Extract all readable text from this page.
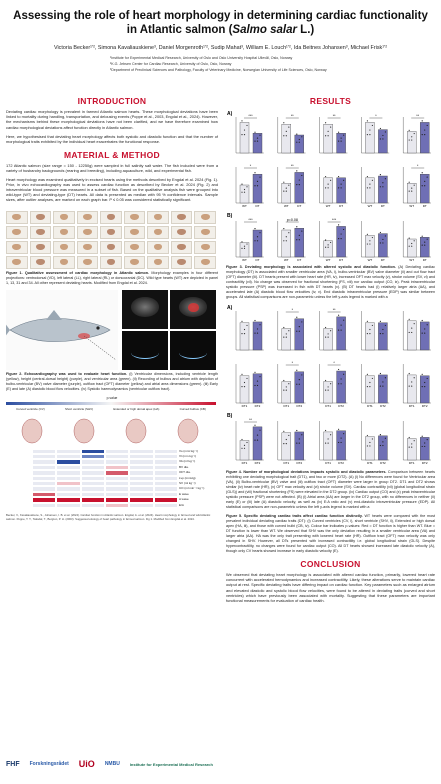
Assessing the role of heart morphology in determining cardiac functionality
in Atlantic salmon (Salmo salar L.)
Victoria Becker¹ʼ², Simona Kavaliauskiene³, Daniel Morgenroth¹ʼ², Sudip Mahat³, William E. Louch¹ʼ², Ida Beitnes Johansen³, Michael Frisk¹ʼ²
¹Institute for Experimental Medical Research, University of Oslo and Oslo University Hospital Ullevål, Oslo, Norway
²K.G. Jebsen Center for Cardiac Research, University of Oslo, Oslo, Norway
³Department of Preclinical Sciences and Pathology, Faculty of Veterinary Medicine, Norwegian University of Life Sciences, Oslo, Norway
INTRODUCTION
Deviating cardiac morphology is prevalent in farmed Atlantic salmon hearts. These morphological deviations have been linked to mortality during handling, transportation, and delousing events (Poppe et al., 2003, Engdal et al., 2024). However, the mechanisms behind these morphological deviations have not been clarified, and we have therefore examined how cardiac morphological deviations affect function directly in Atlantic salmon.
Here, we hypothesised that deviating heart morphology affects both systolic and diastolic function and that the number of morphological traits exhibited by the individual heart exacerbates the functional response.
MATERIAL & METHOD
172 Atlantic salmon (size range = 150 - 12250g) were sampled in full salinity salt water. The fish included were from a variety of husbandry backgrounds (rearing and breeding), including aquaculture, wild, and experimental fish.
Heart morphology was examined qualitatively in excised hearts using the methods described by Engdal et al. 2024 (Fig. 1). Prior, in vivo echocardiography was used to assess cardiac function as described by Becker et al. 2024 (Fig. 2) and intraventricular blood pressure was measured in a subset of fish. Based on the qualitative analysis fish were grouped into wild-type (WT) and deviating-type (DT) hearts. All data is presented as median with 95 % confidence intervals. Sample sizes, after outlier analyses, are marked on each graph bar. P ≤ 0.05 was considered statistically significant.
Figure 1. Qualitative assessment of cardiac morphology in Atlantic salmon. Morphology examples in four different projections: ventrodorsal (VD), left lateral (LL), right lateral (RL) or dorsocranial (DC). Wild type hearts (WT) are depicted in panel 1, 13, 31 and 34. All other represent deviating hearts. Modified from Engdal et al. 2024.
Figure 2. Echocardiography was used to evaluate heart function. (i) Ventricular dimensions, including ventricle length (yellow), height (central-dorsal height) (purple), and ventricular area (green). (ii) Recording of bulbus and atrium with depiction of bulbo-ventricular (BV) valve diameter (purple), outflow tract (OFT) diameter (yellow) and atrial area dimensions (green). (iii) Early (E) and late (A) diastolic blood flow velocities. (iv) Systolic haemodynamics (ventricular outflow tract).
p-value
Curved ventricle (CV)	Short ventricle (SHV)	Extended or high dorsal apex (HA)	Curved bulbus (CB)
Vo (mm² kg⁻¹)
Vl (mm kg⁻¹)
VA (ml kg⁻¹)
BV dia.
OFT dia.
Lvp (mmHg)
SV (ml kg⁻¹)
CO (ml min⁻¹ kg⁻¹)
E wave
A wave
E/A
Becker, V., Kavaliauskiene, S., Johansen, I. B. et al. (2024). Cardiac function in Atlantic salmon. Engdal, A. et al. (2024). Heart morphology in farmed and wild Atlantic salmon. Poppe, T. T., Taksdal, T., Bergtun, P. H. (2003). Suggested etiology of heart pathology in farmed salmon. Fig 1. Modified from Engdal et al. 2024.
FHF Forskningsrådet UiO NMBU	Institute for Experimental Medical Research
RESULTS
A)
B)
***	**	**	*	**
*
WT	DT
**
WT	DT	WT	DT	WT	DT
*
WT	DT
***
WT	DT
p=0.08
WT	DT
***
WT	DT	WT	DT	WT	DT
Figure 3. Deviating morphology is associated with altered systolic and diastolic function. (A) Deviating cardiac morphology (DT) is associated with smaller ventricular area (VA, i), bulbo-ventricular (BV) valve diameter (ii) and out flow tract (OFT) diameter (iii). DT hearts present with lower heart rate (HR, iv), increased OFT max velocity (v), stroke volume (SV, vi) and contractility (vii). No change was observed for fractional shortening (FS, viii) nor cardiac output (CO, ix). Peak intraventricular systolic pressure (PSP) was increased in fish with DT hearts (x). (B) DT hearts had (i) relatively larger atria (AA), and accelerated late (A) diastolic blood flow velocities (iv, v). End diastolic intraventricular pressure (EDP) was similar between groups. All statistical comparisons are non-parametric unless the left y-axis legend is marked with a
A)
B)
*	**
DT1 DT2
*
DT1 DT2
*
DT1 DT2	DT1 DT2	DT1 DT2
**
DT1 DT2	DT1 DT2	DT1 DT2	DT1 DT2	DT1 DT2
Figure 4. Number of morphological deviations impacts systolic and diastolic parameters. Comparison between hearts exhibiting one deviating morphological trait (DT1), and two or more (DT2). (A) (i) No differences were found for Ventricular area (VA), (ii) Bulbo-ventricular (BV) valve and (iii) outflow tract (OFT) diameter were larger in group DT2. DT1 and DT2 shows similar (iv) heart rate (HR), (v) OFT max velocity and (vi) stroke volume (SV). Cardiac contractility (vii) (global longitudinal strain (GLS)) and (viii) fractional shortening (FS) were elevated in the DT2 group. (ix) Cardiac output (CO) and (x) peak intraventricular systolic pressure (PSP) were not affected. (B) (i) Atrial area (AA) are larger in the DT2 group, with no differences in neither (ii) early (E) or (iii) late (A) diastolic velocity, as well as (iv) E:A ratio and (v) end-diastolic intraventricular pressure (EDP). All statistical comparisons are non-parametric unless the left y-axis legend is marked with a
Figure 5. Specific deviating cardiac traits affect cardiac function distinctly. WT hearts were compared with the most prevalent individual deviating cardiac traits (DT): (i) Curved ventricles (CV, i), short ventricle (SHV, ii), Extended or high dorsal apex (HA, iii), and those with curved bulbi (CB, iv). Colour bar indicates p-values: Red = DT function is higher than WT. Blue = DT function is lower than WT. We observed that SHV was the only deviation resulting in a smaller ventricular area (VA) and larger atria (AA). HA was the only trait presenting with lowered heart rate (HR). Outflow tract (OFT) max velocity was only changed in SHV. However, all DTs presented with increased contractility i.e. global longitudinal strain (GLS). Despite hypercontractility, no changes were found for cardiac output (CO). All DT hearts showed increased late diastolic velocity (A), though only CV hearts showed increase in early diastolic velocity (E).
CONCLUSION
We observed that deviating heart morphology is associated with altered cardiac function, primarily, lowered heart rate concurrent with accelerated hemodynamics and increased contractility. Likely, these alterations serve to maintain cardiac output at rest. Specific deviating traits have differing impact on cardiac function. Key parameters such as enlarged atrium and elevated diastolic and systolic blood flow velocities, were found to be altered in deviating traits (curved and short ventricles) which have previously been associated with mortality. Suggesting that these parameters are important functional measurements for evaluation of cardiac health.
